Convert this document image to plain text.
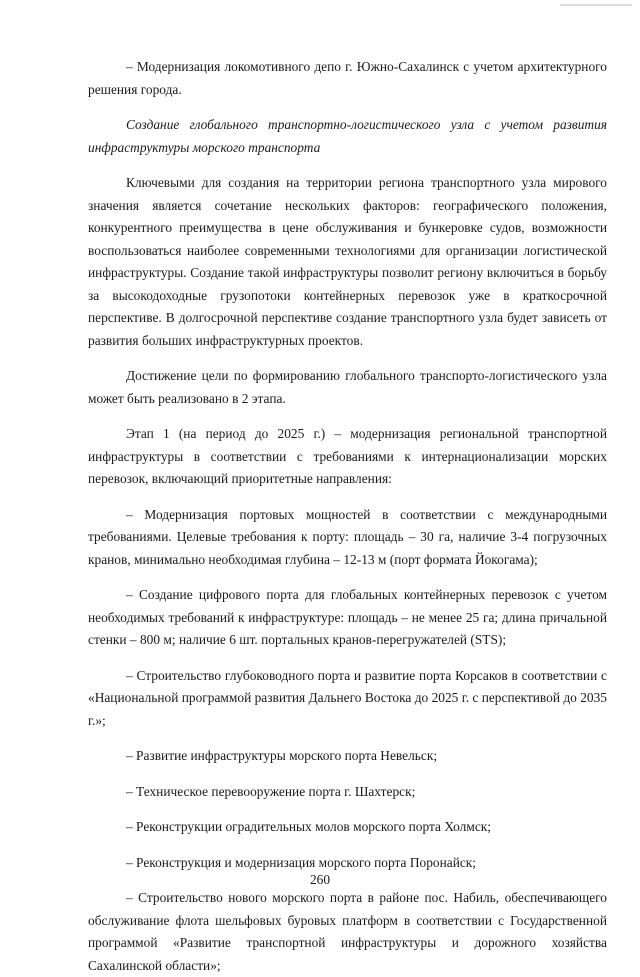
– Модернизация локомотивного депо г. Южно-Сахалинск с учетом архитектурного решения города.

Создание глобального транспортно-логистического узла с учетом развития инфраструктуры морского транспорта

Ключевыми для создания на территории региона транспортного узла мирового значения является сочетание нескольких факторов: географического положения, конкурентного преимущества в цене обслуживания и бункеровке судов, возможности воспользоваться наиболее современными технологиями для организации логистической инфраструктуры. Создание такой инфраструктуры позволит региону включиться в борьбу за высокодоходные грузопотоки контейнерных перевозок уже в краткосрочной перспективе. В долгосрочной перспективе создание транспортного узла будет зависеть от развития больших инфраструктурных проектов.

Достижение цели по формированию глобального транспорто-логистического узла может быть реализовано в 2 этапа.

Этап 1 (на период до 2025 г.) – модернизация региональной транспортной инфраструктуры в соответствии с требованиями к интернационализации морских перевозок, включающий приоритетные направления:

– Модернизация портовых мощностей в соответствии с международными требованиями. Целевые требования к порту: площадь – 30 га, наличие 3-4 погрузочных кранов, минимально необходимая глубина – 12-13 м (порт формата Йокогама);

– Создание цифрового порта для глобальных контейнерных перевозок с учетом необходимых требований к инфраструктуре: площадь – не менее 25 га; длина причальной стенки – 800 м; наличие 6 шт. портальных кранов-перегружателей (STS);

– Строительство глубоководного порта и развитие порта Корсаков в соответствии с «Национальной программой развития Дальнего Востока до 2025 г. с перспективой до 2035 г.»;

– Развитие инфраструктуры морского порта Невельск;

– Техническое перевооружение порта г. Шахтерск;

– Реконструкции оградительных молов морского порта Холмск;

– Реконструкция и модернизация морского порта Поронайск;

– Строительство нового морского порта в районе пос. Набиль, обеспечивающего обслуживание флота шельфовых буровых платформ в соответствии с Государственной программой «Развитие транспортной инфраструктуры и дорожного хозяйства Сахалинской области»;

260
